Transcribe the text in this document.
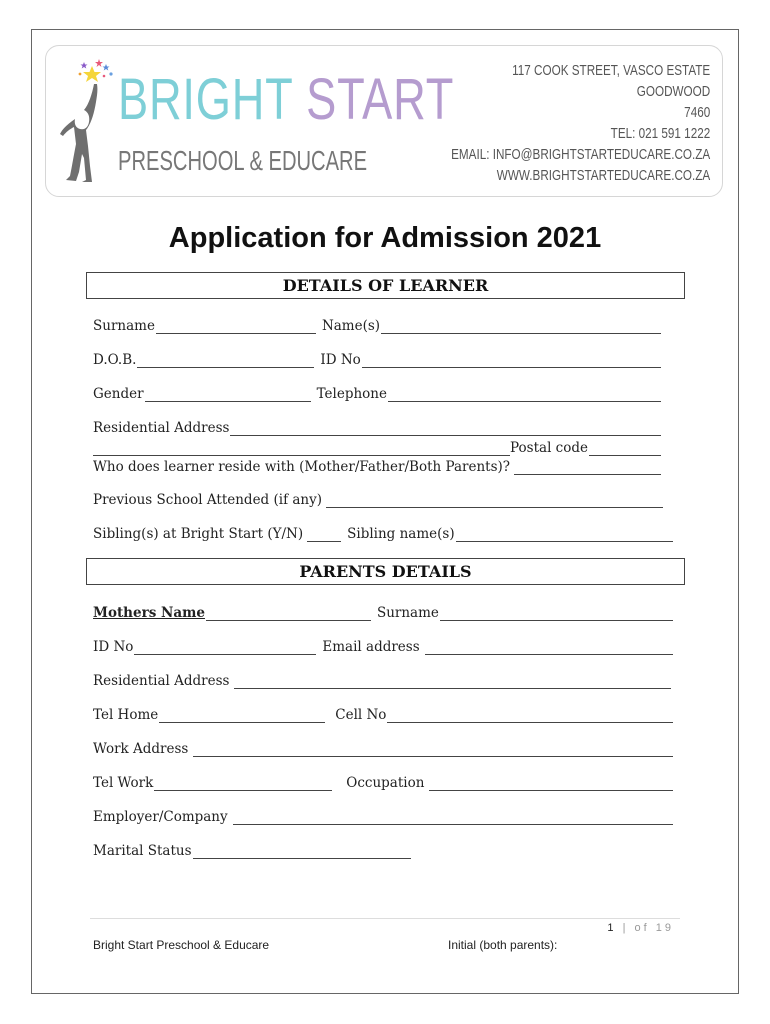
BRIGHT START
PRESCHOOL & EDUCARE
117 COOK STREET, VASCO ESTATE
GOODWOOD
7460
TEL: 021 591 1222
EMAIL: INFO@BRIGHTSTARTEDUCARE.CO.ZA
WWW.BRIGHTSTARTEDUCARE.CO.ZA
Application for Admission 2021
DETAILS OF LEARNER
Surname	Name(s)
D.O.B.	ID No
Gender	Telephone
Residential Address
Postal code
Who does learner reside with (Mother/Father/Both Parents)?
Previous School Attended (if any)
Sibling(s) at Bright Start (Y/N)	Sibling name(s)
PARENTS DETAILS
Mothers Name	Surname
ID No	Email address
Residential Address
Tel Home	Cell No
Work Address
Tel Work	Occupation
Employer/Company
Marital Status
1 | of 19
Bright Start Preschool & Educare	Initial (both parents):
